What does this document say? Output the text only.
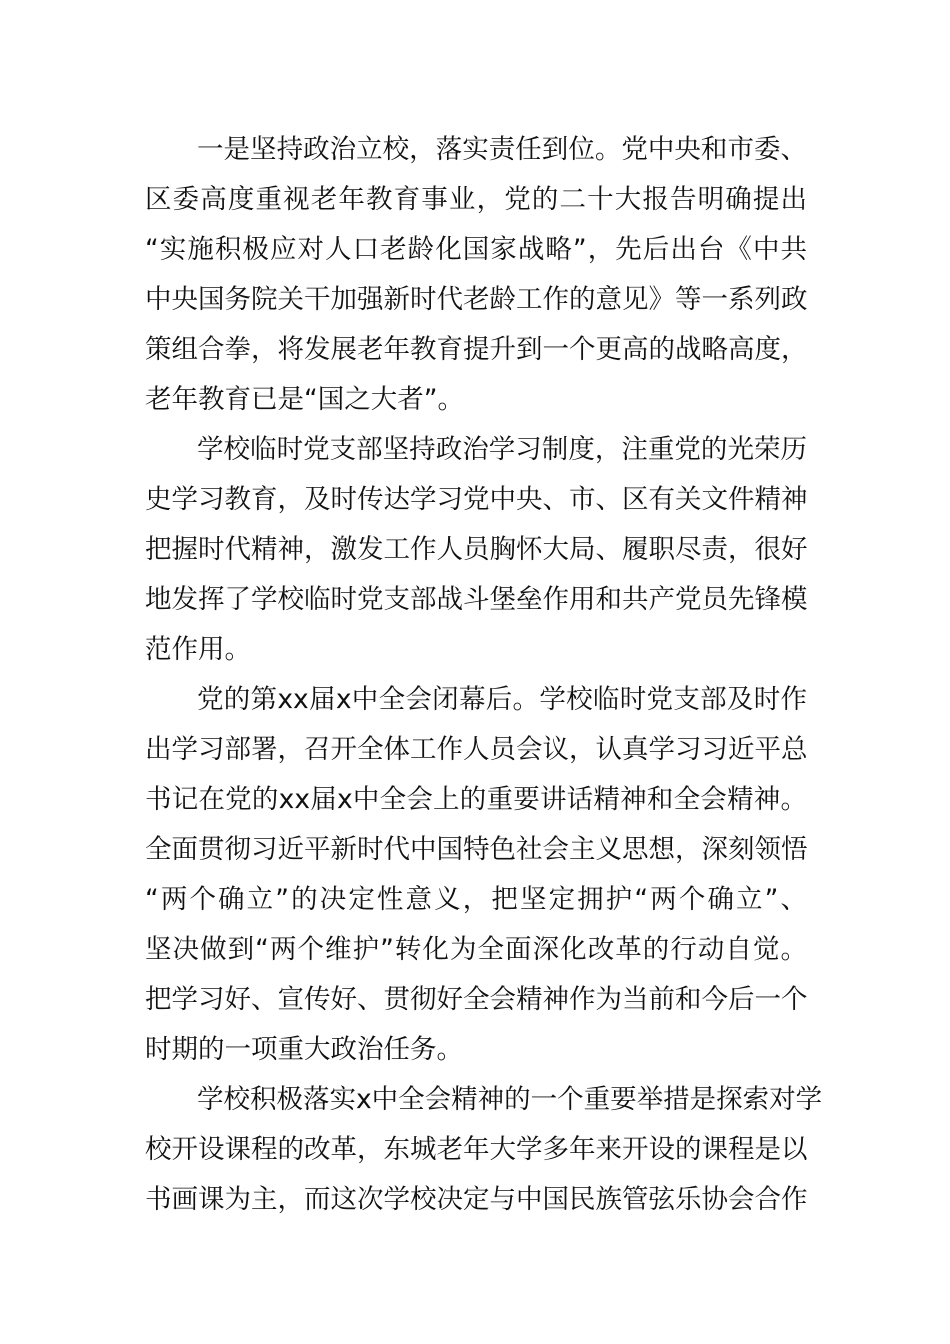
一是坚持政治立校，落实责任到位。党中央和市委、
区委高度重视老年教育事业，党的二十大报告明确提出
“实施积极应对人口老龄化国家战略”，先后出台《中共
中央国务院关干加强新时代老龄工作的意见》等一系列政
策组合拳，将发展老年教育提升到一个更高的战略高度，
老年教育已是“国之大者”。
学校临时党支部坚持政治学习制度，注重党的光荣历
史学习教育，及时传达学习党中央、市、区有关文件精神
把握时代精神，激发工作人员胸怀大局、履职尽责，很好
地发挥了学校临时党支部战斗堡垒作用和共产党员先锋模
范作用。
党的第xx届x中全会闭幕后。学校临时党支部及时作
出学习部署，召开全体工作人员会议，认真学习习近平总
书记在党的xx届x中全会上的重要讲话精神和全会精神。
全面贯彻习近平新时代中国特色社会主义思想，深刻领悟
“两个确立”的决定性意义，把坚定拥护“两个确立”、
坚决做到“两个维护”转化为全面深化改革的行动自觉。
把学习好、宣传好、贯彻好全会精神作为当前和今后一个
时期的一项重大政治任务。
学校积极落实x中全会精神的一个重要举措是探索对学
校开设课程的改革，东城老年大学多年来开设的课程是以
书画课为主，而这次学校决定与中国民族管弦乐协会合作
